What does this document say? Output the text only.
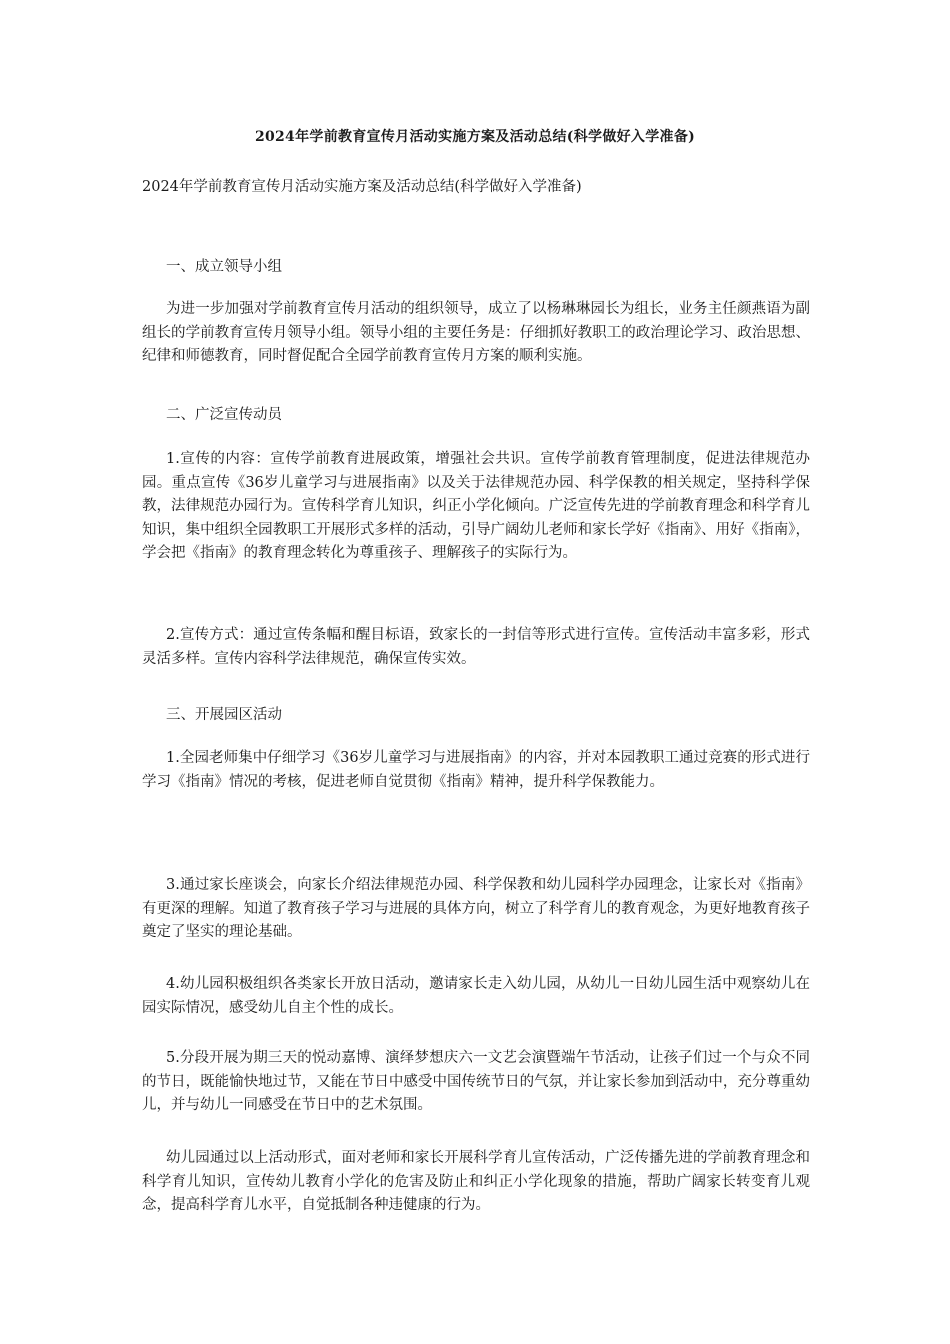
2024年学前教育宣传月活动实施方案及活动总结(科学做好入学准备)
2024年学前教育宣传月活动实施方案及活动总结(科学做好入学准备)
一、成立领导小组

为进一步加强对学前教育宣传月活动的组织领导，成立了以杨琳琳园长为组长，业务主任颜燕语为副组长的学前教育宣传月领导小组。领导小组的主要任务是：仔细抓好教职工的政治理论学习、政治思想、纪律和师德教育，同时督促配合全园学前教育宣传月方案的顺利实施。

二、广泛宣传动员

1.宣传的内容：宣传学前教育进展政策，增强社会共识。宣传学前教育管理制度，促进法律规范办园。重点宣传《36岁儿童学习与进展指南》以及关于法律规范办园、科学保教的相关规定，坚持科学保教，法律规范办园行为。宣传科学育儿知识，纠正小学化倾向。广泛宣传先进的学前教育理念和科学育儿知识，集中组织全园教职工开展形式多样的活动，引导广阔幼儿老师和家长学好《指南》、用好《指南》，学会把《指南》的教育理念转化为尊重孩子、理解孩子的实际行为。

2.宣传方式：通过宣传条幅和醒目标语，致家长的一封信等形式进行宣传。宣传活动丰富多彩，形式灵活多样。宣传内容科学法律规范，确保宣传实效。

三、开展园区活动

1.全园老师集中仔细学习《36岁儿童学习与进展指南》的内容，并对本园教职工通过竞赛的形式进行学习《指南》情况的考核，促进老师自觉贯彻《指南》精神，提升科学保教能力。

3.通过家长座谈会，向家长介绍法律规范办园、科学保教和幼儿园科学办园理念，让家长对《指南》有更深的理解。知道了教育孩子学习与进展的具体方向，树立了科学育儿的教育观念，为更好地教育孩子奠定了坚实的理论基础。

4.幼儿园积极组织各类家长开放日活动，邀请家长走入幼儿园，从幼儿一日幼儿园生活中观察幼儿在园实际情况，感受幼儿自主个性的成长。

5.分段开展为期三天的悦动嘉博、演绎梦想庆六一文艺会演暨端午节活动，让孩子们过一个与众不同的节日，既能愉快地过节，又能在节日中感受中国传统节日的气氛，并让家长参加到活动中，充分尊重幼儿，并与幼儿一同感受在节日中的艺术氛围。

幼儿园通过以上活动形式，面对老师和家长开展科学育儿宣传活动，广泛传播先进的学前教育理念和科学育儿知识，宣传幼儿教育小学化的危害及防止和纠正小学化现象的措施，帮助广阔家长转变育儿观念，提高科学育儿水平，自觉抵制各种违健康的行为。
